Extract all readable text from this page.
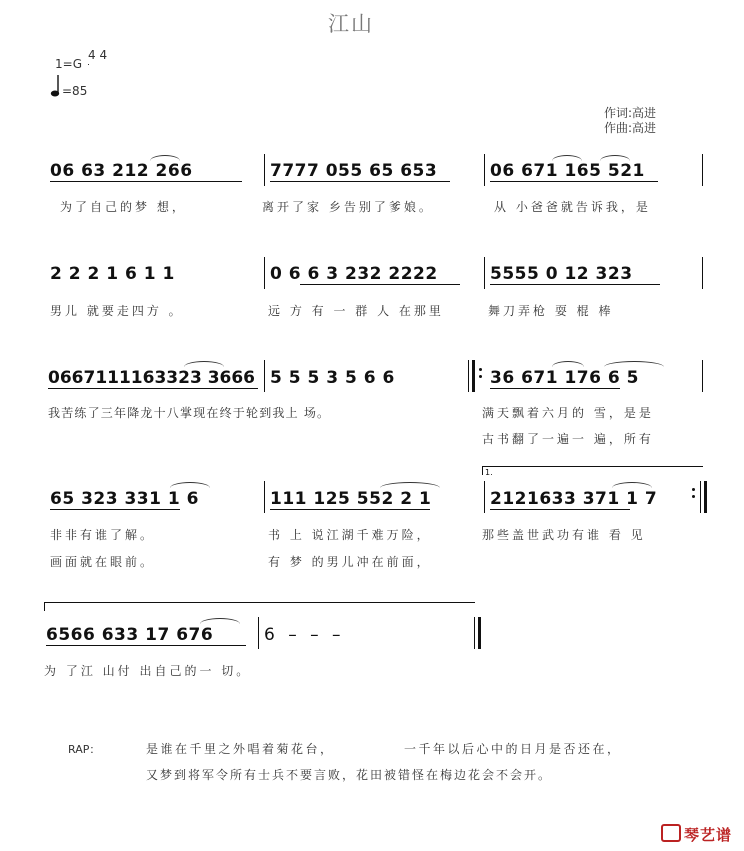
江山
1=G
4 4
=85
作词:高进
作曲:高进
06 63 212 266	7777 055 65 653	06 671 165 521
为了自己的梦 想，	离开了家 乡告别了爹娘。	从 小爸爸就告诉我，是
2 2 2 1 6 1 1	0 6 6 3 232 2222	5555 0 12 323
男儿 就要走四方 。	远 方 有 一 群 人 在那里	舞刀弄枪 耍 棍 棒
0667111163323 3666 5 5 5 3 5 6 6	36 671 176 6 5
我苦练了三年降龙十八掌现在终于轮到我上 场。	满天飘着六月的 雪，是是
古书翻了一遍一 遍，所有
1.
65 323 331 1 6	111 125 552 2 1	2121633 371 1 7
非非有谁了解。	书 上 说江湖千难万险，	那些盖世武功有谁 看 见
画面就在眼前。	有 梦 的男儿冲在前面，
6566 633 17 676	6 – – –
为 了江 山付 出自己的一 切。
RAP：	是谁在千里之外唱着菊花台，	一千年以后心中的日月是否还在，
又梦到将军令所有士兵不要言败，花田被错怪在梅边花会不会开。
琴艺谱
